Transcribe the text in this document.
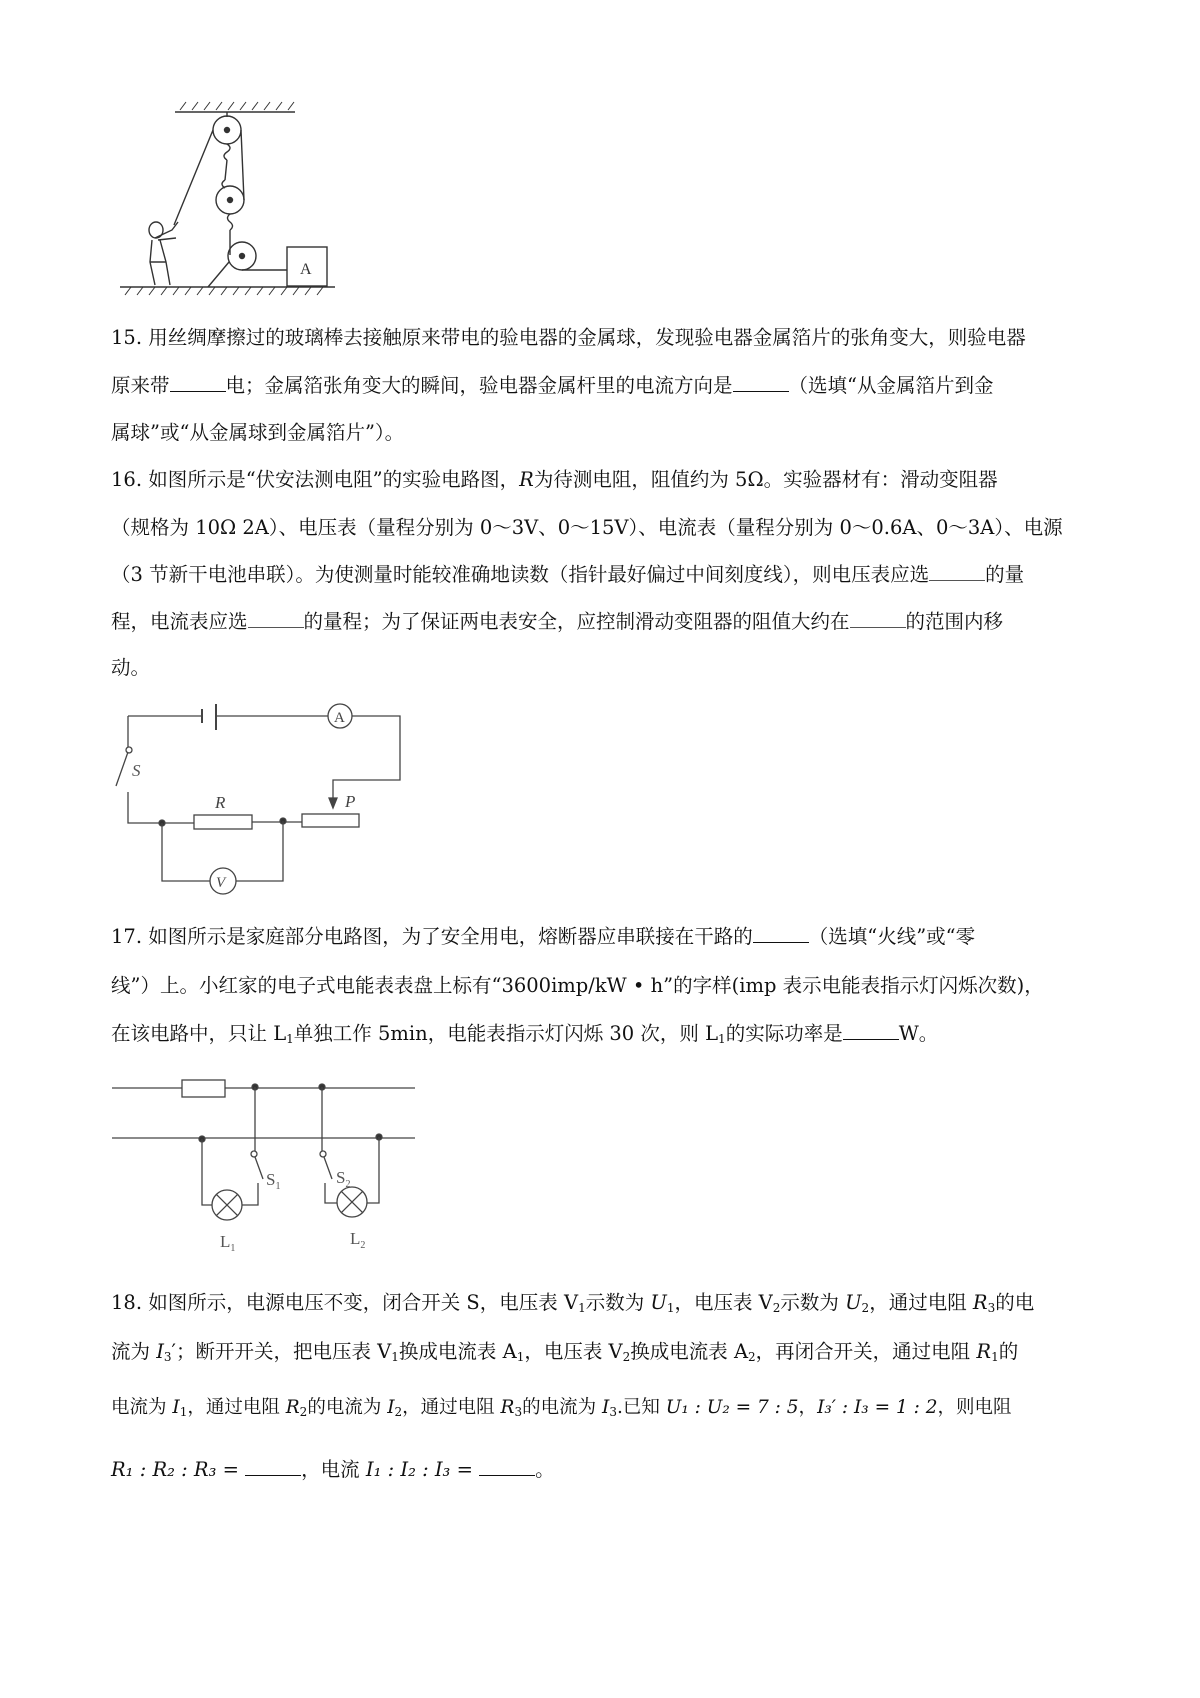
A
15. 用丝绸摩擦过的玻璃棒去接触原来带电的验电器的金属球，发现验电器金属箔片的张角变大，则验电器
原来带	电；金属箔张角变大的瞬间，验电器金属杆里的电流方向是	（选填“从金属箔片到金
属球”或“从金属球到金属箔片”）。
16. 如图所示是“伏安法测电阻”的实验电路图，R为待测电阻，阻值约为 5Ω。实验器材有：滑动变阻器
（规格为 10Ω 2A）、电压表（量程分别为 0～3V、0～15V）、电流表（量程分别为 0～0.6A、0～3A）、电源
（3 节新干电池串联）。为使测量时能较准确地读数（指针最好偏过中间刻度线），则电压表应选	的量
程，电流表应选	的量程；为了保证两电表安全，应控制滑动变阻器的阻值大约在	的范围内移
动。
A
S
R	P
V
17. 如图所示是家庭部分电路图，为了安全用电，熔断器应串联接在干路的	（选填“火线”或“零
线”）上。小红家的电子式电能表表盘上标有“3600imp/kW • h”的字样(imp 表示电能表指示灯闪烁次数)，
在该电路中，只让 $L_1$单独工作 5min，电能表指示灯闪烁 30 次，则 $L_1$的实际功率是	W。
$S_1$
$L_1$
$S_2$
$L_2$
18. 如图所示，电源电压不变，闭合开关 S，电压表 $V_1$示数为 $U_1$，电压表 $V_2$示数为 $U_2$，通过电阻 $R_3$的电
流为 $I_3'$；断开开关，把电压表 $V_1$换成电流表 $A_1$，电压表 $V_2$换成电流表 $A_2$，再闭合开关，通过电阻 $R_1$的
电流为 $I_1$，通过电阻 $R_2$的电流为 $I_2$，通过电阻 $R_3$的电流为 $I_3$.已知 U₁ : U₂ = 7 : 5，I₃′ : I₃ = 1 : 2，则电阻
R₁ : R₂ : R₃ =	，电流 I₁ : I₂ : I₃ =	。
